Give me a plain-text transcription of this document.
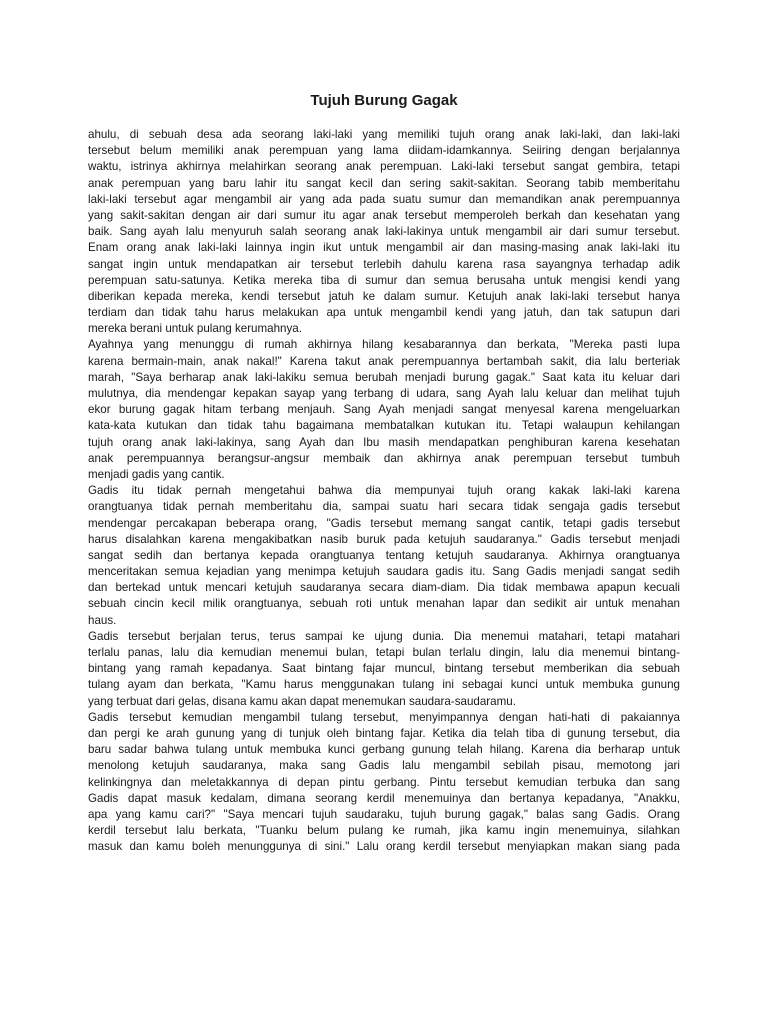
Tujuh Burung Gagak
ahulu, di sebuah desa ada seorang laki-laki yang memiliki tujuh orang anak laki-laki, dan laki-laki
tersebut belum memiliki anak perempuan yang lama diidam-idamkannya. Seiiring dengan berjalannya
waktu, istrinya akhirnya melahirkan seorang anak perempuan. Laki-laki tersebut sangat gembira, tetapi
anak perempuan yang baru lahir itu sangat kecil dan sering sakit-sakitan. Seorang tabib memberitahu
laki-laki tersebut agar mengambil air yang ada pada suatu sumur dan memandikan anak perempuannya
yang sakit-sakitan dengan air dari sumur itu agar anak tersebut memperoleh berkah dan kesehatan yang
baik. Sang ayah lalu menyuruh salah seorang anak laki-lakinya untuk mengambil air dari sumur tersebut.
Enam orang anak laki-laki lainnya ingin ikut untuk mengambil air dan masing-masing anak laki-laki itu
sangat ingin untuk mendapatkan air tersebut terlebih dahulu karena rasa sayangnya terhadap adik
perempuan satu-satunya. Ketika mereka tiba di sumur dan semua berusaha untuk mengisi kendi yang
diberikan kepada mereka, kendi tersebut jatuh ke dalam sumur. Ketujuh anak laki-laki tersebut hanya
terdiam dan tidak tahu harus melakukan apa untuk mengambil kendi yang jatuh, dan tak satupun dari
mereka berani untuk pulang kerumahnya.
Ayahnya yang menunggu di rumah akhirnya hilang kesabarannya dan berkata, "Mereka pasti lupa
karena bermain-main, anak nakal!" Karena takut anak perempuannya bertambah sakit, dia lalu berteriak
marah, "Saya berharap anak laki-lakiku semua berubah menjadi burung gagak." Saat kata itu keluar dari
mulutnya, dia mendengar kepakan sayap yang terbang di udara, sang Ayah lalu keluar dan melihat tujuh
ekor burung gagak hitam terbang menjauh. Sang Ayah menjadi sangat menyesal karena mengeluarkan
kata-kata kutukan dan tidak tahu bagaimana membatalkan kutukan itu. Tetapi walaupun kehilangan
tujuh orang anak laki-lakinya, sang Ayah dan Ibu masih mendapatkan penghiburan karena kesehatan
anak perempuannya berangsur-angsur membaik dan akhirnya anak perempuan tersebut tumbuh
menjadi gadis yang cantik.
Gadis itu tidak pernah mengetahui bahwa dia mempunyai tujuh orang kakak laki-laki karena
orangtuanya tidak pernah memberitahu dia, sampai suatu hari secara tidak sengaja gadis tersebut
mendengar percakapan beberapa orang, "Gadis tersebut memang sangat cantik, tetapi gadis tersebut
harus disalahkan karena mengakibatkan nasib buruk pada ketujuh saudaranya." Gadis tersebut menjadi
sangat sedih dan bertanya kepada orangtuanya tentang ketujuh saudaranya. Akhirnya orangtuanya
menceritakan semua kejadian yang menimpa ketujuh saudara gadis itu. Sang Gadis menjadi sangat sedih
dan bertekad untuk mencari ketujuh saudaranya secara diam-diam. Dia tidak membawa apapun kecuali
sebuah cincin kecil milik orangtuanya, sebuah roti untuk menahan lapar dan sedikit air untuk menahan
haus.
Gadis tersebut berjalan terus, terus sampai ke ujung dunia. Dia menemui matahari, tetapi matahari
terlalu panas, lalu dia kemudian menemui bulan, tetapi bulan terlalu dingin, lalu dia menemui bintang-
bintang yang ramah kepadanya. Saat bintang fajar muncul, bintang tersebut memberikan dia sebuah
tulang ayam dan berkata, "Kamu harus menggunakan tulang ini sebagai kunci untuk membuka gunung
yang terbuat dari gelas, disana kamu akan dapat menemukan saudara-saudaramu.
Gadis tersebut kemudian mengambil tulang tersebut, menyimpannya dengan hati-hati di pakaiannya
dan pergi ke arah gunung yang di tunjuk oleh bintang fajar. Ketika dia telah tiba di gunung tersebut, dia
baru sadar bahwa tulang untuk membuka kunci gerbang gunung telah hilang. Karena dia berharap untuk
menolong ketujuh saudaranya, maka sang Gadis lalu mengambil sebilah pisau, memotong jari
kelinkingnya dan meletakkannya di depan pintu gerbang. Pintu tersebut kemudian terbuka dan sang
Gadis dapat masuk kedalam, dimana seorang kerdil menemuinya dan bertanya kepadanya, "Anakku,
apa yang kamu cari?" "Saya mencari tujuh saudaraku, tujuh burung gagak," balas sang Gadis. Orang
kerdil tersebut lalu berkata, "Tuanku belum pulang ke rumah, jika kamu ingin menemuinya, silahkan
masuk dan kamu boleh menunggunya di sini." Lalu orang kerdil tersebut menyiapkan makan siang pada
